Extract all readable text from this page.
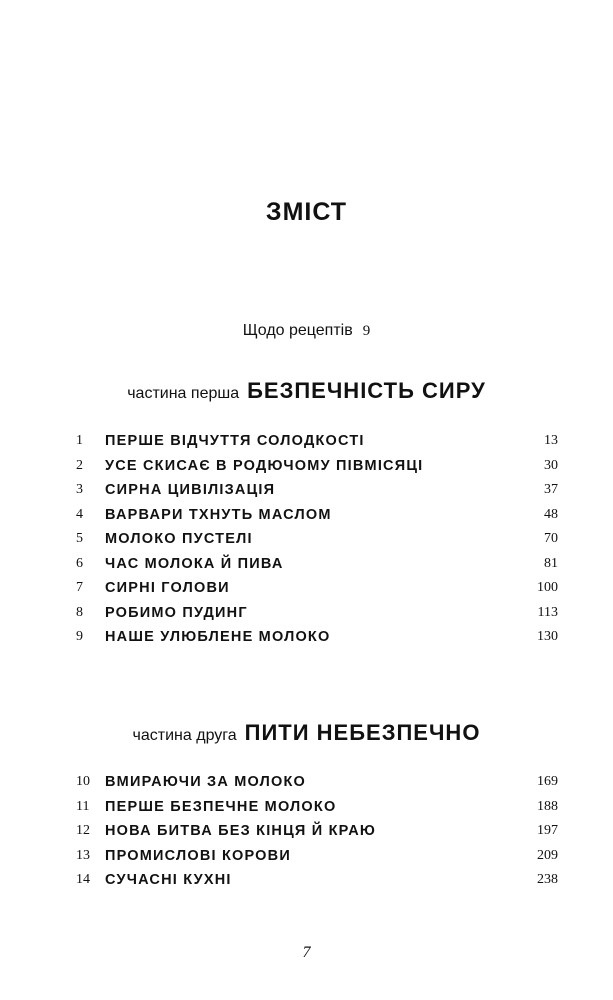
ЗМІСТ
Щодо рецептів 9
частина перша БЕЗПЕЧНІСТЬ СИРУ
1 ПЕРШЕ ВІДЧУТТЯ СОЛОДКОСТІ	13
2 УСЕ СКИСАЄ В РОДЮЧОМУ ПІВМІСЯЦІ	30
3 СИРНА ЦИВІЛІЗАЦІЯ	37
4 ВАРВАРИ ТХНУТЬ МАСЛОМ	48
5 МОЛОКО ПУСТЕЛІ	70
6 ЧАС МОЛОКА Й ПИВА	81
7 СИРНІ ГОЛОВИ	100
8 РОБИМО ПУДИНГ	113
9 НАШЕ УЛЮБЛЕНЕ МОЛОКО	130
частина друга ПИТИ НЕБЕЗПЕЧНО
10 ВМИРАЮЧИ ЗА МОЛОКО	169
11 ПЕРШЕ БЕЗПЕЧНЕ МОЛОКО	188
12 НОВА БИТВА БЕЗ КІНЦЯ Й КРАЮ	197
13 ПРОМИСЛОВІ КОРОВИ	209
14 СУЧАСНІ КУХНІ	238
7
